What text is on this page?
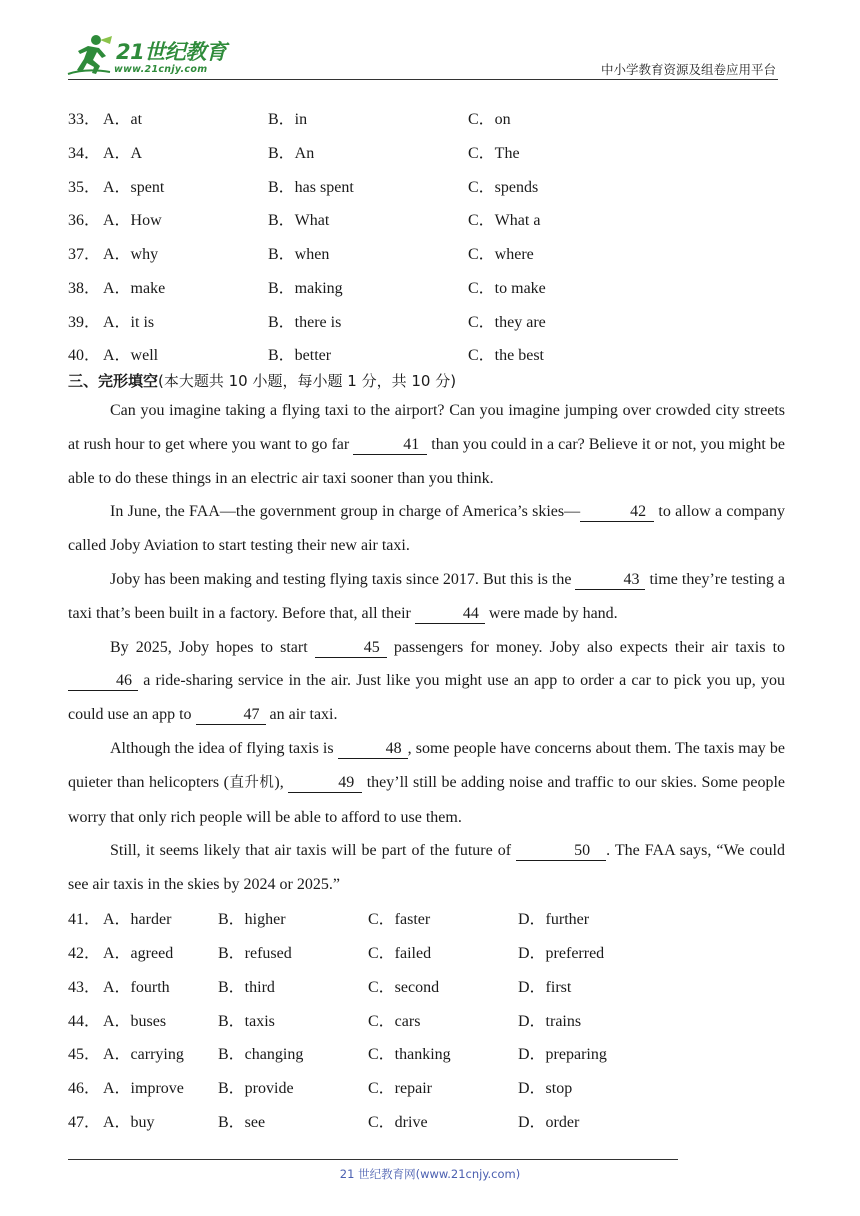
21世纪教育
www.21cnjy.com	中小学教育资源及组卷应用平台
33． A．at	B．in	C．on
34． A．A	B．An	C．The
35． A．spent	B．has spent	C．spends
36． A．How	B．What	C．What a
37． A．why	B．when	C．where
38． A．make	B．making	C．to make
39． A．it is	B．there is	C．they are
40． A．well	B．better	C．the best
三、完形填空(本大题共 10 小题，每小题 1 分，共 10 分)

Can you imagine taking a flying taxi to the airport? Can you imagine jumping over crowded city streets at rush hour to get where you want to go far	41 than you could in a car? Believe it or not, you might be able to do these things in an electric air taxi sooner than you think.

In June, the FAA—the government group in charge of America’s skies—	42 to allow a company called Joby Aviation to start testing their new air taxi.

Joby has been making and testing flying taxis since 2017. But this is the	43 time they’re testing a taxi that’s been built in a factory. Before that, all their	44 were made by hand.

By 2025, Joby hopes to start	45 passengers for money. Joby also expects their air taxis to 46 a ride-sharing service in the air. Just like you might use an app to order a car to pick you up, you could use an app to	47 an air taxi.

Although the idea of flying taxis is	48 , some people have concerns about them. The taxis may be quieter than helicopters (直升机),	49 they’ll still be adding noise and traffic to our skies. Some people worry that only rich people will be able to afford to use them.

Still, it seems likely that air taxis will be part of the future of	50 . The FAA says, “We could see air taxis in the skies by 2024 or 2025.”

41． A．harder	B．higher	C．faster	D．further
42． A．agreed	B．refused	C．failed	D．preferred
43． A．fourth	B．third	C．second	D．first
44． A．buses	B．taxis	C．cars	D．trains
45． A．carrying B．changing	C．thanking	D．preparing
46． A．improve B．provide	C．repair	D．stop
47． A．buy	B．see	C．drive	D．order
21 世纪教育网(www.21cnjy.com)
